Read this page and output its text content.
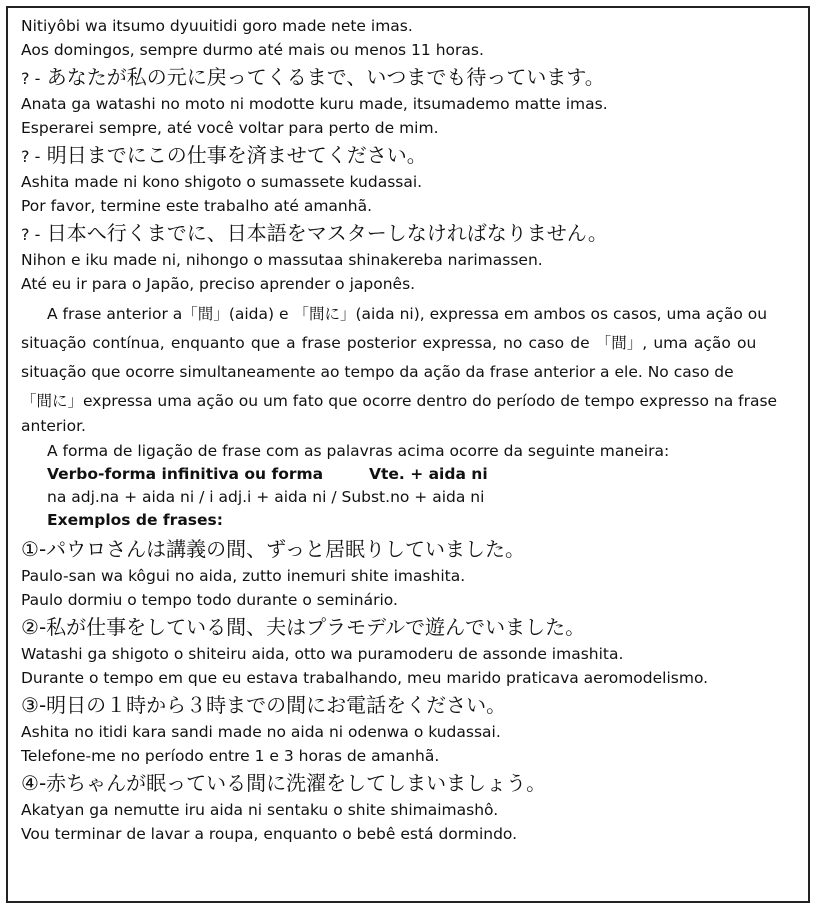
Nitiyôbi wa itsumo dyuuitidi goro made nete imas.
Aos domingos, sempre durmo até mais ou menos 11 horas.
? - あなたが私の元に戻ってくるまで、いつまでも待っています。
Anata ga watashi no moto ni modotte kuru made, itsumademo matte imas.
Esperarei sempre, até você voltar para perto de mim.
? - 明日までにこの仕事を済ませてください。
Ashita made ni kono shigoto o sumassete kudassai.
Por favor, termine este trabalho até amanhã.
? - 日本へ行くまでに、日本語をマスターしなければなりません。
Nihon e iku made ni, nihongo o massutaa shinakereba narimassen.
Até eu ir para o Japão, preciso aprender o japonês.
A frase anterior a「間」(aida) e 「間に」(aida ni), expressa em ambos os casos, uma ação ou
situação contínua, enquanto que a frase posterior expressa, no caso de 「間」, uma ação ou
situação que ocorre simultaneamente ao tempo da ação da frase anterior a ele. No caso de
「間に」expressa uma ação ou um fato que ocorre dentro do período de tempo expresso na frase
anterior.
A forma de ligação de frase com as palavras acima ocorre da seguinte maneira:
Verbo-forma infinitiva ou forma	Vte. + aida ni
na adj.na + aida ni / i adj.i + aida ni / Subst.no + aida ni
Exemplos de frases:
①-パウロさんは講義の間、ずっと居眠りしていました。
Paulo-san wa kôgui no aida, zutto inemuri shite imashita.
Paulo dormiu o tempo todo durante o seminário.
②-私が仕事をしている間、夫はプラモデルで遊んでいました。
Watashi ga shigoto o shiteiru aida, otto wa puramoderu de assonde imashita.
Durante o tempo em que eu estava trabalhando, meu marido praticava aeromodelismo.
③-明日の１時から３時までの間にお電話をください。
Ashita no itidi kara sandi made no aida ni odenwa o kudassai.
Telefone-me no período entre 1 e 3 horas de amanhã.
④-赤ちゃんが眠っている間に洗濯をしてしまいましょう。
Akatyan ga nemutte iru aida ni sentaku o shite shimaimashô.
Vou terminar de lavar a roupa, enquanto o bebê está dormindo.
